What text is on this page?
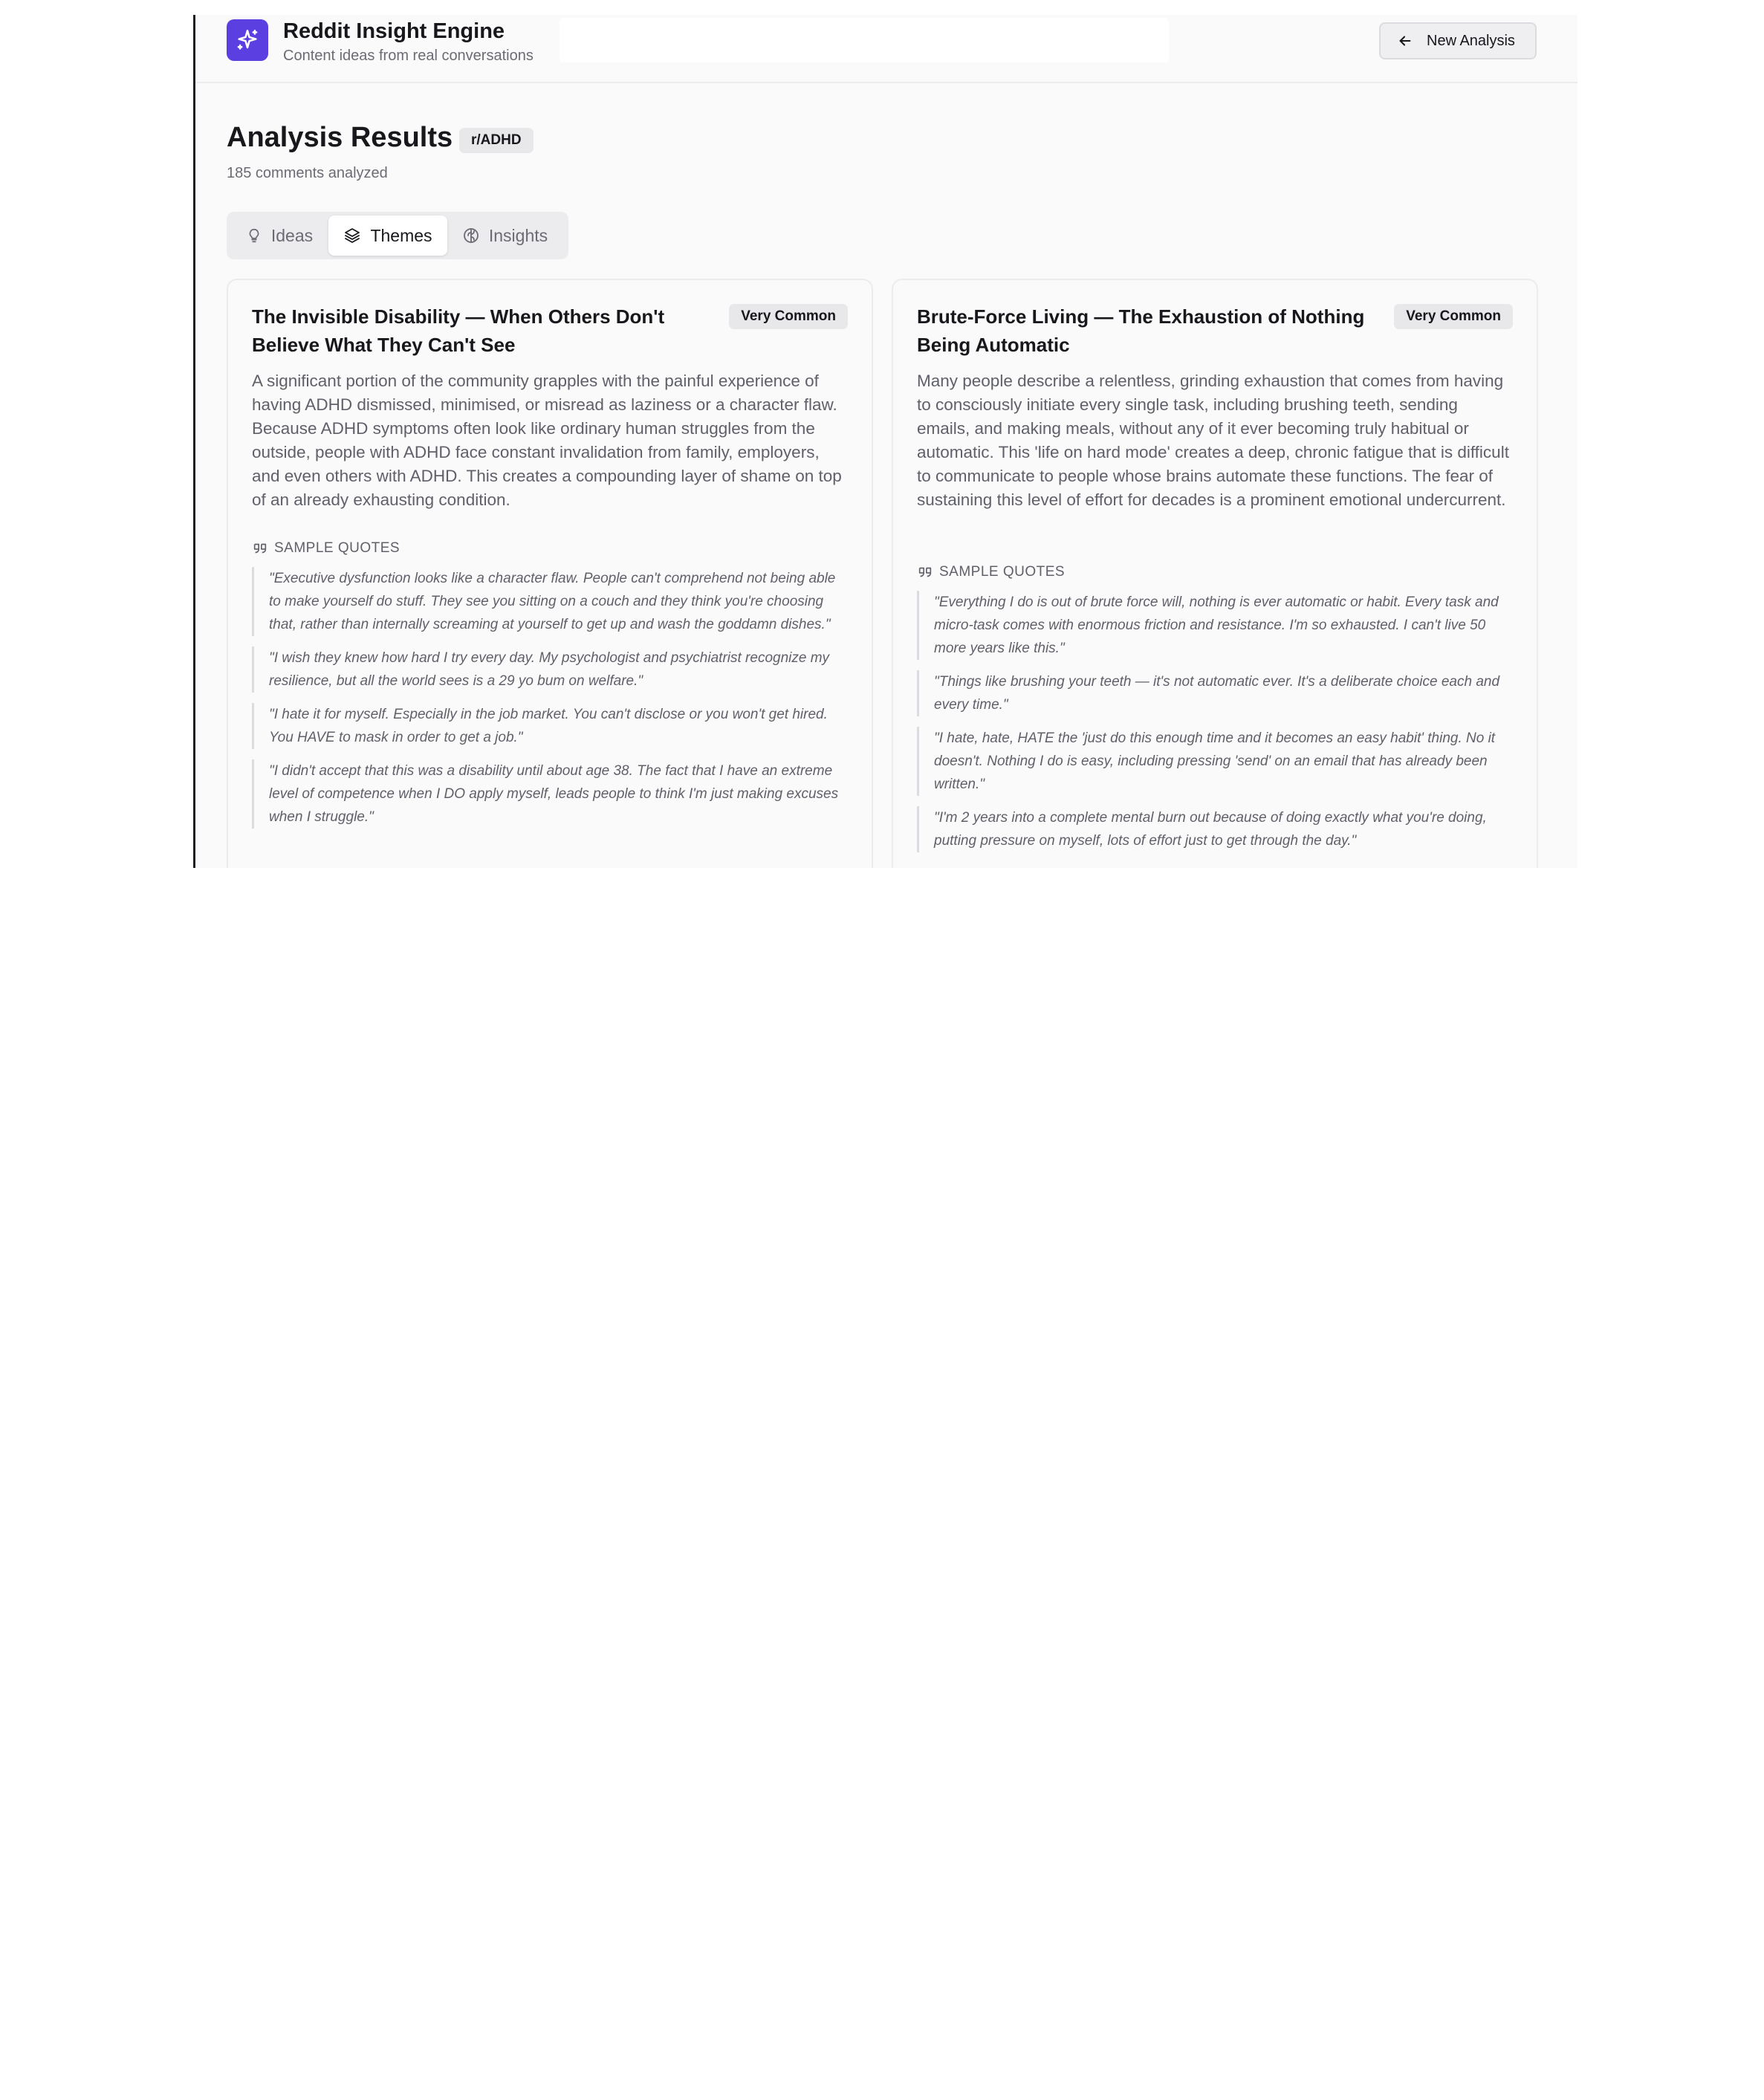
Reddit Insight Engine
Content ideas from real conversations
New Analysis
Analysis Results	r/ADHD
185 comments analyzed
Ideas	Themes	Insights
The Invisible Disability — When Others Don't Believe What They Can't See
Very Common
A significant portion of the community grapples with the painful experience of having ADHD dismissed, minimised, or misread as laziness or a character flaw. Because ADHD symptoms often look like ordinary human struggles from the outside, people with ADHD face constant invalidation from family, employers, and even others with ADHD. This creates a compounding layer of shame on top of an already exhausting condition.
SAMPLE QUOTES
"Executive dysfunction looks like a character flaw. People can't comprehend not being able to make yourself do stuff. They see you sitting on a couch and they think you're choosing that, rather than internally screaming at yourself to get up and wash the goddamn dishes."
"I wish they knew how hard I try every day. My psychologist and psychiatrist recognize my resilience, but all the world sees is a 29 yo bum on welfare."
"I hate it for myself. Especially in the job market. You can't disclose or you won't get hired. You HAVE to mask in order to get a job."
"I didn't accept that this was a disability until about age 38. The fact that I have an extreme level of competence when I DO apply myself, leads people to think I'm just making excuses when I struggle."
Brute-Force Living — The Exhaustion of Nothing Being Automatic
Very Common
Many people describe a relentless, grinding exhaustion that comes from having to consciously initiate every single task, including brushing teeth, sending emails, and making meals, without any of it ever becoming truly habitual or automatic. This 'life on hard mode' creates a deep, chronic fatigue that is difficult to communicate to people whose brains automate these functions. The fear of sustaining this level of effort for decades is a prominent emotional undercurrent.
SAMPLE QUOTES
"Everything I do is out of brute force will, nothing is ever automatic or habit. Every task and micro-task comes with enormous friction and resistance. I'm so exhausted. I can't live 50 more years like this."
"Things like brushing your teeth — it's not automatic ever. It's a deliberate choice each and every time."
"I hate, hate, HATE the 'just do this enough time and it becomes an easy habit' thing. No it doesn't. Nothing I do is easy, including pressing 'send' on an email that has already been written."
"I'm 2 years into a complete mental burn out because of doing exactly what you're doing, putting pressure on myself, lots of effort just to get through the day."
